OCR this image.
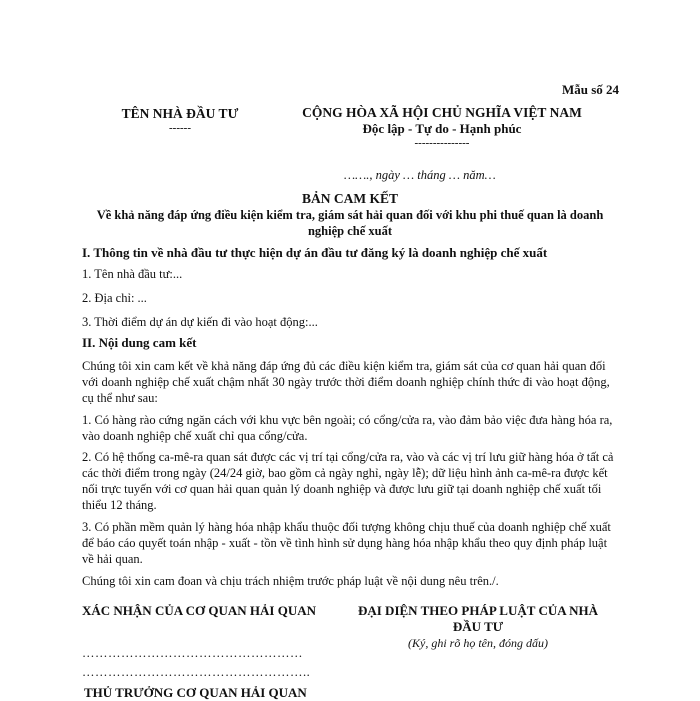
Mẫu số 24
TÊN NHÀ ĐẦU TƯ
------
CỘNG HÒA XÃ HỘI CHỦ NGHĨA VIỆT NAM
Độc lập - Tự do - Hạnh phúc
---------------
……., ngày … tháng … năm…
BẢN CAM KẾT
Về khả năng đáp ứng điều kiện kiểm tra, giám sát hải quan đối với khu phi thuế quan là doanh nghiệp chế xuất
I. Thông tin về nhà đầu tư thực hiện dự án đầu tư đăng ký là doanh nghiệp chế xuất
1. Tên nhà đầu tư:...
2. Địa chỉ: ...
3. Thời điểm dự án dự kiến đi vào hoạt động:...
II. Nội dung cam kết
Chúng tôi xin cam kết về khả năng đáp ứng đủ các điều kiện kiểm tra, giám sát của cơ quan hải quan đối với doanh nghiệp chế xuất chậm nhất 30 ngày trước thời điểm doanh nghiệp chính thức đi vào hoạt động, cụ thể như sau:
1. Có hàng rào cứng ngăn cách với khu vực bên ngoài; có cổng/cửa ra, vào đảm bảo việc đưa hàng hóa ra, vào doanh nghiệp chế xuất chỉ qua cổng/cửa.
2. Có hệ thống ca-mê-ra quan sát được các vị trí tại cổng/cửa ra, vào và các vị trí lưu giữ hàng hóa ở tất cả các thời điểm trong ngày (24/24 giờ, bao gồm cả ngày nghỉ, ngày lễ); dữ liệu hình ảnh ca-mê-ra được kết nối trực tuyến với cơ quan hải quan quản lý doanh nghiệp và được lưu giữ tại doanh nghiệp chế xuất tối thiểu 12 tháng.
3. Có phần mềm quản lý hàng hóa nhập khẩu thuộc đối tượng không chịu thuế của doanh nghiệp chế xuất để báo cáo quyết toán nhập - xuất - tồn về tình hình sử dụng hàng hóa nhập khẩu theo quy định pháp luật về hải quan.
Chúng tôi xin cam đoan và chịu trách nhiệm trước pháp luật về nội dung nêu trên./.
XÁC NHẬN CỦA CƠ QUAN HẢI QUAN
……………………………………………
……………………………………………..
THỦ TRƯỞNG CƠ QUAN HẢI QUAN
ĐẠI DIỆN THEO PHÁP LUẬT CỦA NHÀ ĐẦU TƯ
(Ký, ghi rõ họ tên, đóng dấu)
